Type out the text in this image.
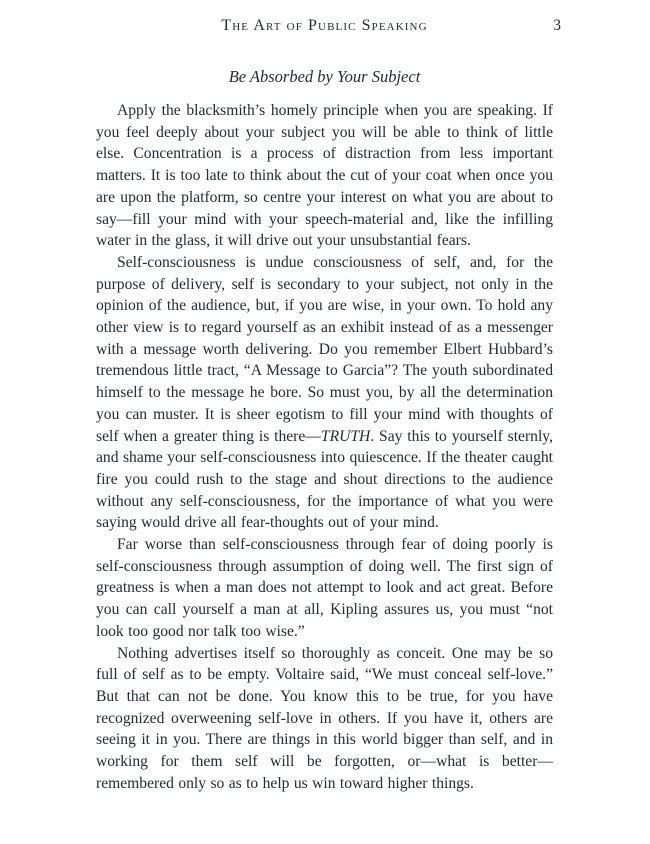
The Art of Public Speaking	3
Be Absorbed by Your Subject

Apply the blacksmith’s homely principle when you are speaking. If you feel deeply about your subject you will be able to think of little else. Concentration is a process of distraction from less important matters. It is too late to think about the cut of your coat when once you are upon the platform, so centre your interest on what you are about to say—fill your mind with your speech-material and, like the infilling water in the glass, it will drive out your unsubstantial fears.

Self-consciousness is undue consciousness of self, and, for the purpose of delivery, self is secondary to your subject, not only in the opinion of the audience, but, if you are wise, in your own. To hold any other view is to regard yourself as an exhibit instead of as a messenger with a message worth delivering. Do you remember Elbert Hubbard’s tremendous little tract, “A Message to Garcia”? The youth subordinated himself to the message he bore. So must you, by all the determination you can muster. It is sheer egotism to fill your mind with thoughts of self when a greater thing is there—TRUTH. Say this to yourself sternly, and shame your self-consciousness into quiescence. If the theater caught fire you could rush to the stage and shout directions to the audience without any self-consciousness, for the importance of what you were saying would drive all fear-thoughts out of your mind.

Far worse than self-consciousness through fear of doing poorly is self-consciousness through assumption of doing well. The first sign of greatness is when a man does not attempt to look and act great. Before you can call yourself a man at all, Kipling assures us, you must “not look too good nor talk too wise.”

Nothing advertises itself so thoroughly as conceit. One may be so full of self as to be empty. Voltaire said, “We must conceal self-love.” But that can not be done. You know this to be true, for you have recognized overweening self-love in others. If you have it, others are seeing it in you. There are things in this world bigger than self, and in working for them self will be forgotten, or—what is better—remembered only so as to help us win toward higher things.
